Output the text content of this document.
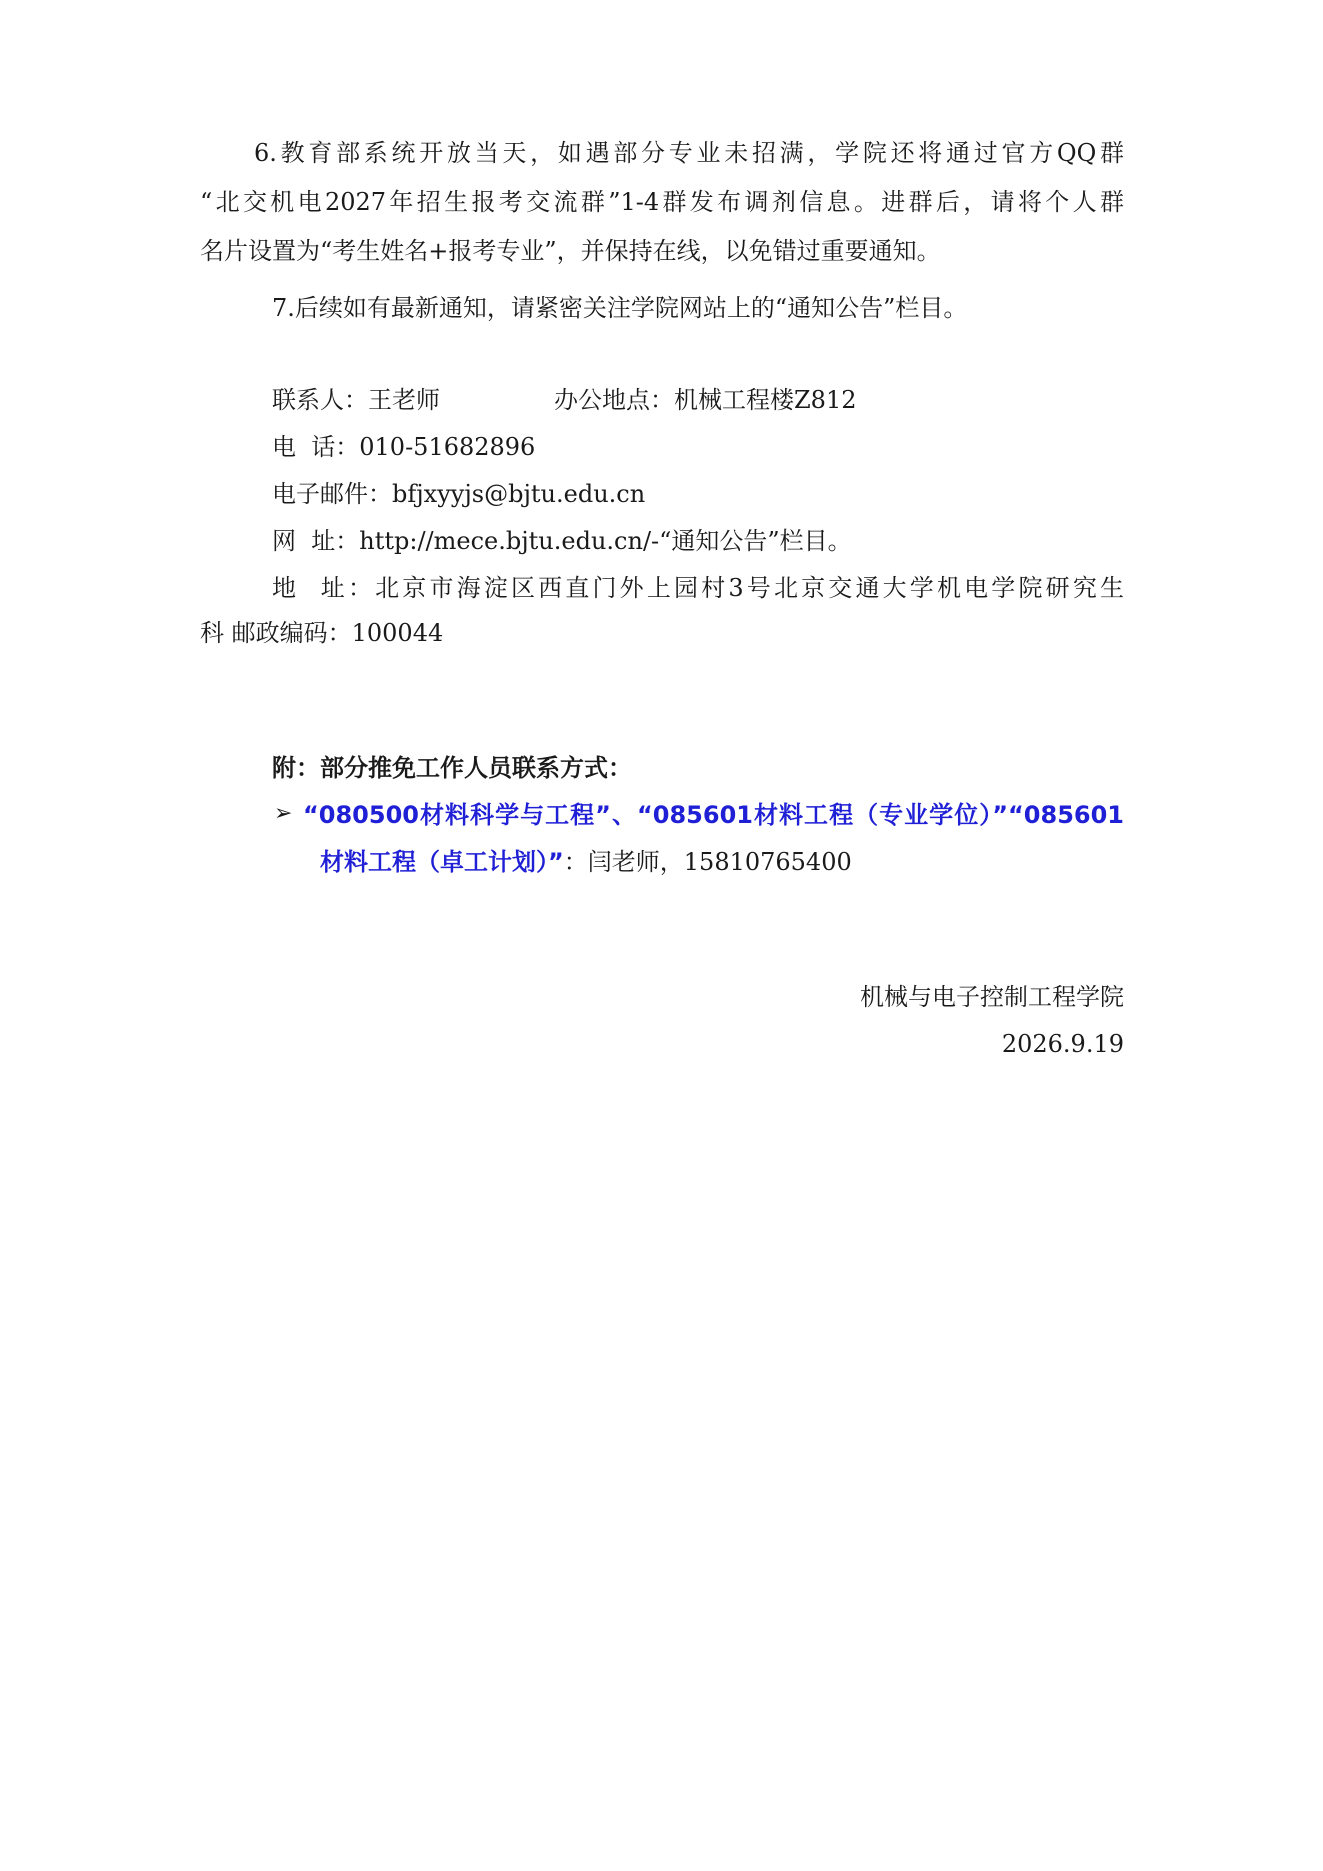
6.教育部系统开放当天，如遇部分专业未招满，学院还将通过官方QQ群
“北交机电2027年招生报考交流群”1-4群发布调剂信息。进群后，请将个人群
名片设置为“考生姓名+报考专业”，并保持在线，以免错过重要通知。
7.后续如有最新通知，请紧密关注学院网站上的“通知公告”栏目。
联系人：王老师	办公地点：机械工程楼Z812
电  话：010-51682896
电子邮件：bfjxyyjs@bjtu.edu.cn
网  址：http://mece.bjtu.edu.cn/-“通知公告”栏目。
地  址：北京市海淀区西直门外上园村3号北京交通大学机电学院研究生
科 邮政编码：100044
附：部分推免工作人员联系方式：
➢ “080500材料科学与工程”、“085601材料工程（专业学位）”“085601
材料工程（卓工计划）”：闫老师，15810765400
机械与电子控制工程学院
2026.9.19
